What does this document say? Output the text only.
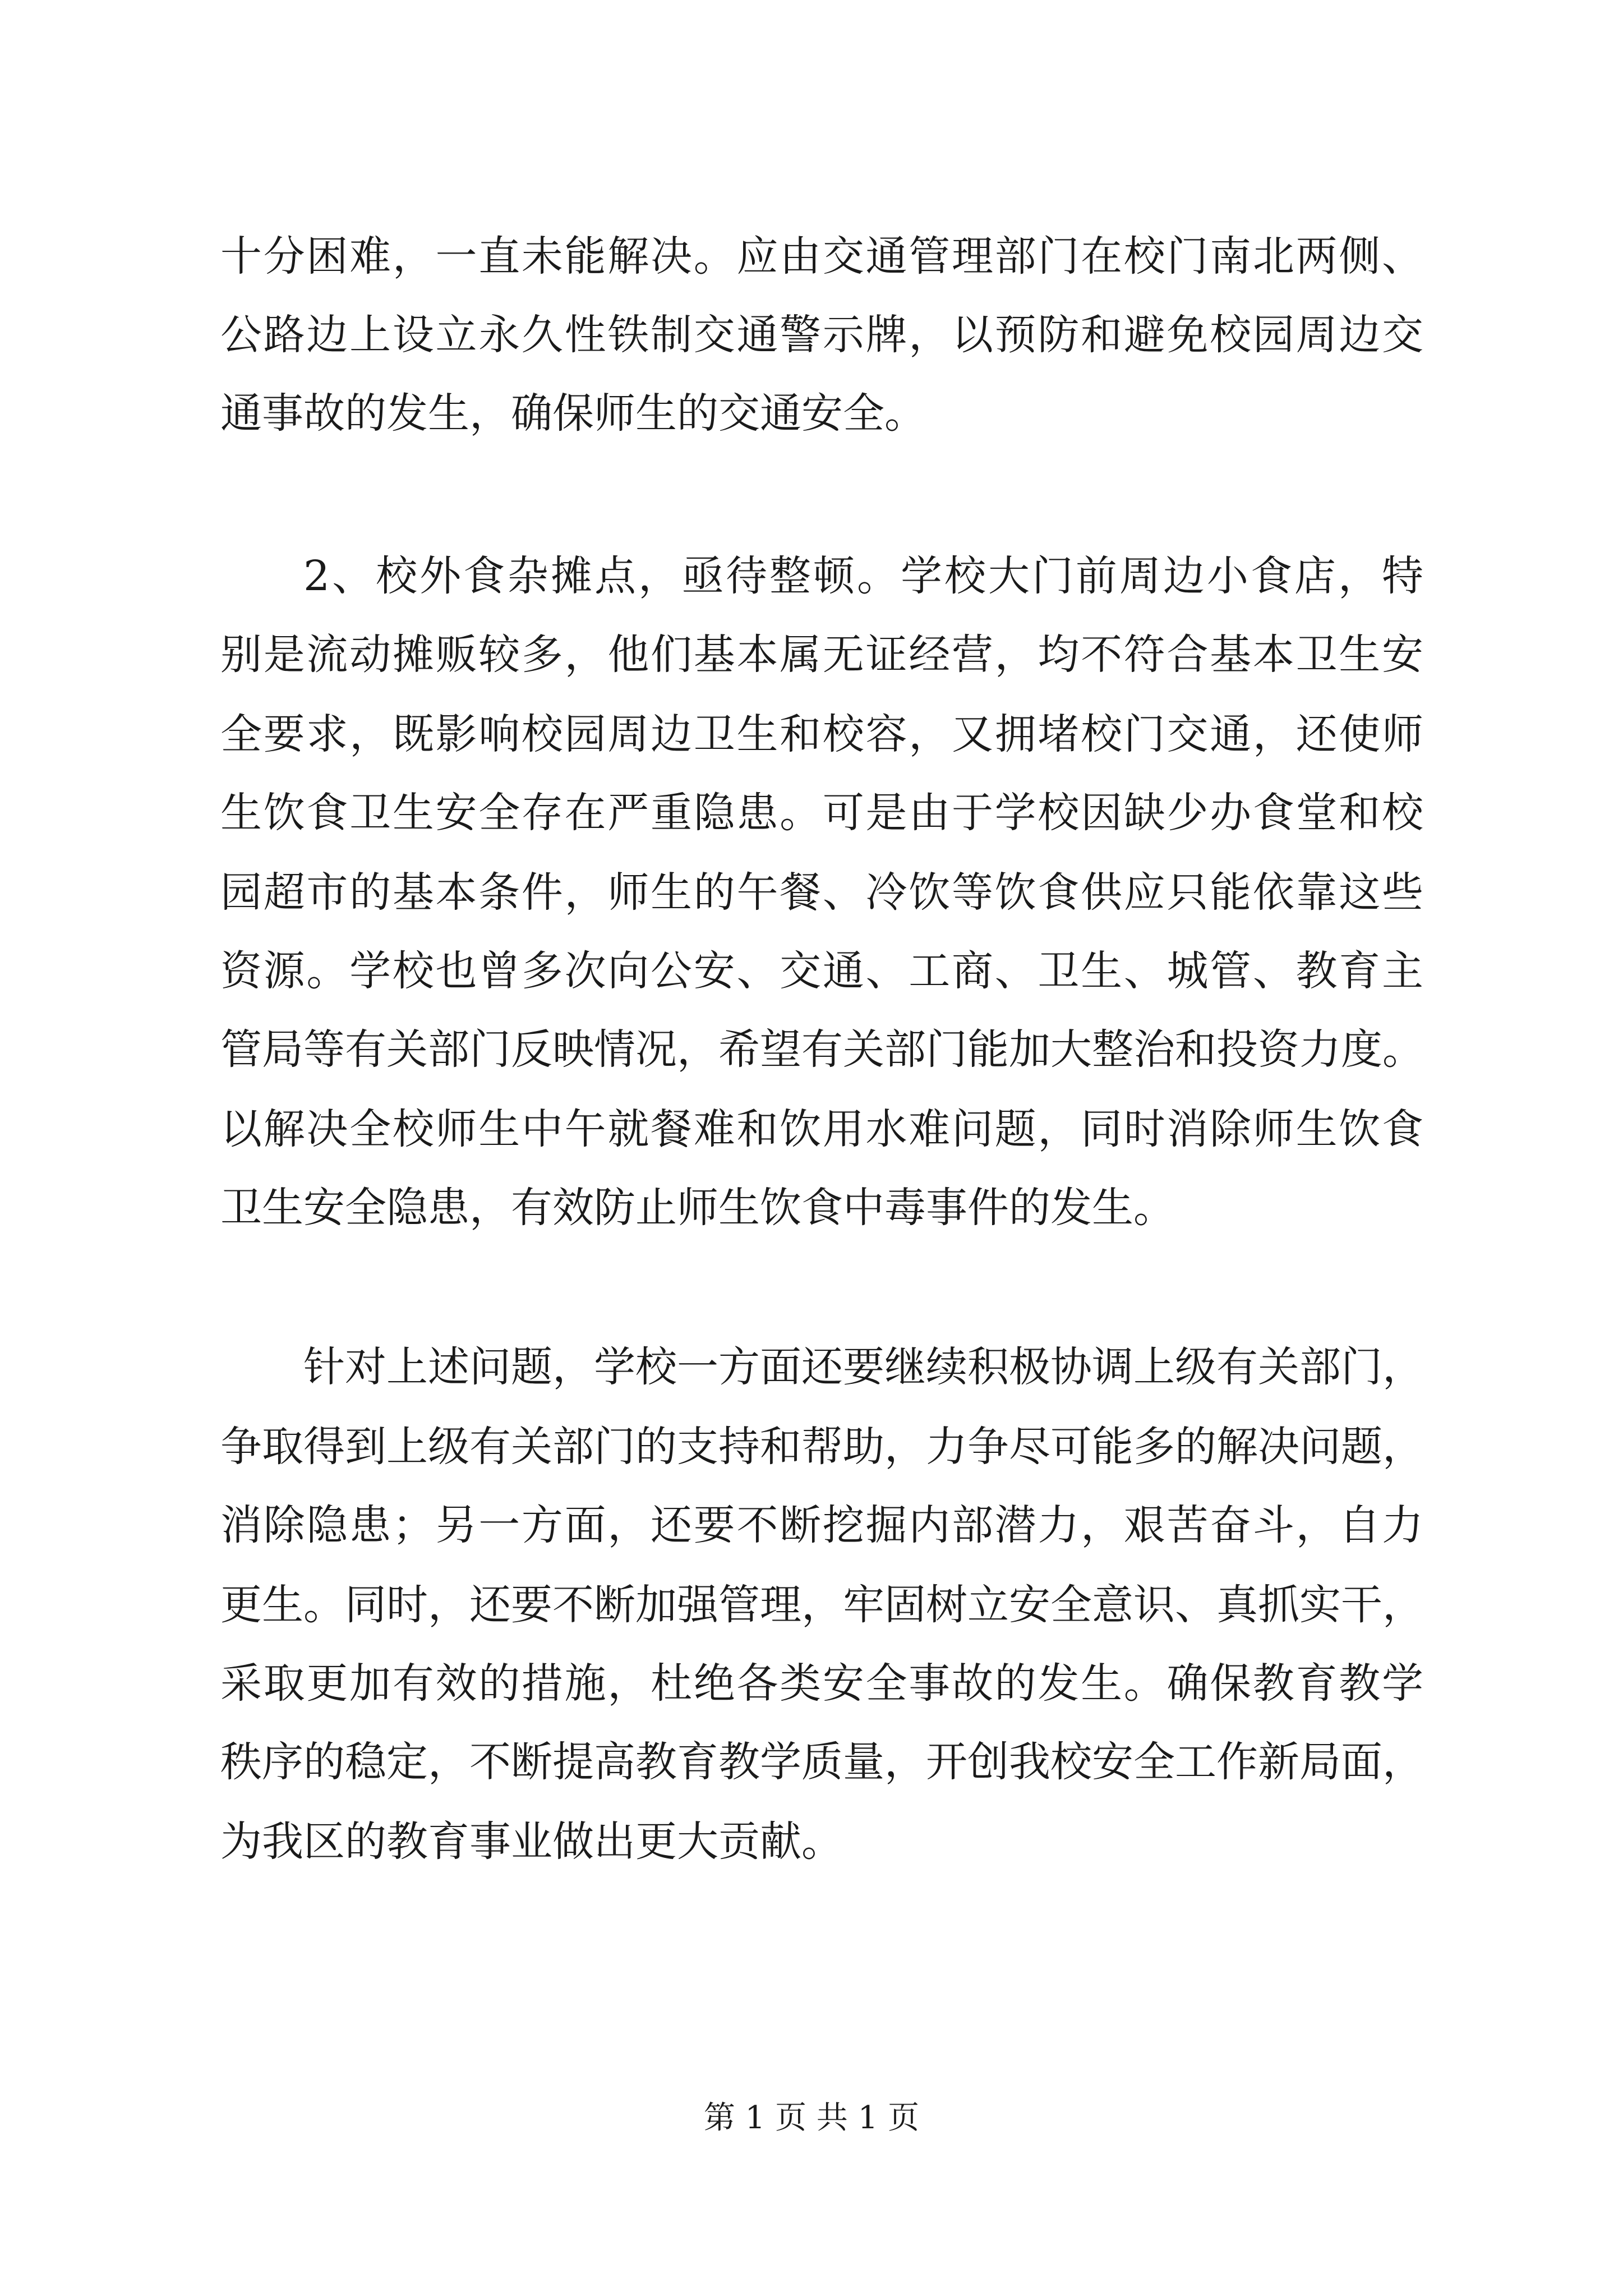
十分困难，一直未能解决。应由交通管理部门在校门南北两侧、
公路边上设立永久性铁制交通警示牌，以预防和避免校园周边交
通事故的发生，确保师生的交通安全。
2、校外食杂摊点，亟待整顿。学校大门前周边小食店，特
别是流动摊贩较多，他们基本属无证经营，均不符合基本卫生安
全要求，既影响校园周边卫生和校容，又拥堵校门交通，还使师
生饮食卫生安全存在严重隐患。可是由于学校因缺少办食堂和校
园超市的基本条件，师生的午餐、冷饮等饮食供应只能依靠这些
资源。学校也曾多次向公安、交通、工商、卫生、城管、教育主
管局等有关部门反映情况，希望有关部门能加大整治和投资力度。
以解决全校师生中午就餐难和饮用水难问题，同时消除师生饮食
卫生安全隐患，有效防止师生饮食中毒事件的发生。
针对上述问题，学校一方面还要继续积极协调上级有关部门，
争取得到上级有关部门的支持和帮助，力争尽可能多的解决问题，
消除隐患；另一方面，还要不断挖掘内部潜力，艰苦奋斗，自力
更生。同时，还要不断加强管理，牢固树立安全意识、真抓实干，
采取更加有效的措施，杜绝各类安全事故的发生。确保教育教学
秩序的稳定，不断提高教育教学质量，开创我校安全工作新局面，
为我区的教育事业做出更大贡献。
第 1 页 共 1 页
